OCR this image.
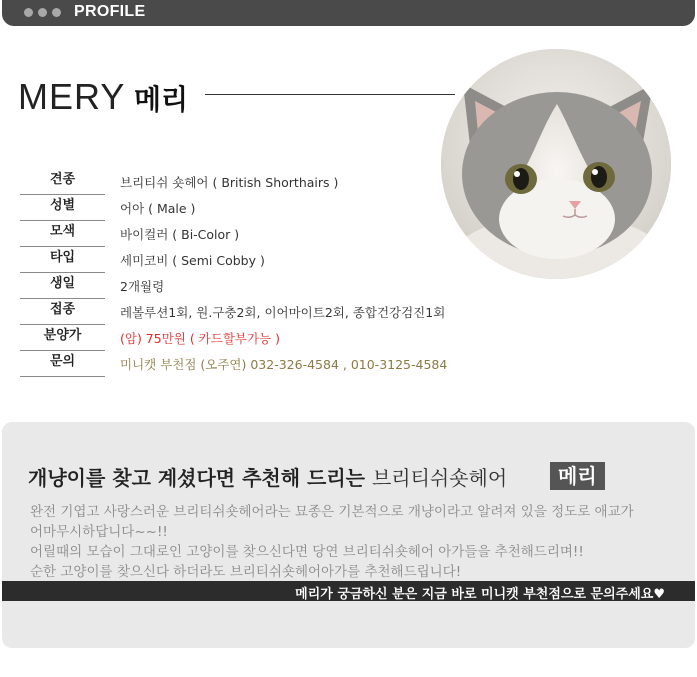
PROFILE
MERY 메리
견종	브리티쉬 숏헤어 ( British Shorthairs )
성별	어아 ( Male )
모색	바이컬러 ( Bi-Color )
타입	세미코비 ( Semi Cobby )
생일	2개월령
접종	레볼루션1회, 원.구충2회, 이어마이트2회, 종합건강검진1회
분양가	(암) 75만원 ( 카드할부가능 )
문의	미니캣 부천점 (오주연) 032-326-4584 , 010-3125-4584
개냥이를 찾고 계셨다면 추천해 드리는 브리티쉬숏헤어	메리
완전 기엽고 사랑스러운 브리티쉬숏헤어라는 묘종은 기본적으로 개냥이라고 알려져 있을 정도로 애교가
어마무시하답니다~~!!
어릴때의 모습이 그대로인 고양이를 찾으신다면 당연 브리티쉬숏헤어 아가들을 추천해드리며!!
순한 고양이를 찾으신다 하더라도 브리티쉬숏헤어아가를 추천해드립니다!
메리가 궁금하신 분은 지금 바로 미니캣 부천점으로 문의주세요♥
